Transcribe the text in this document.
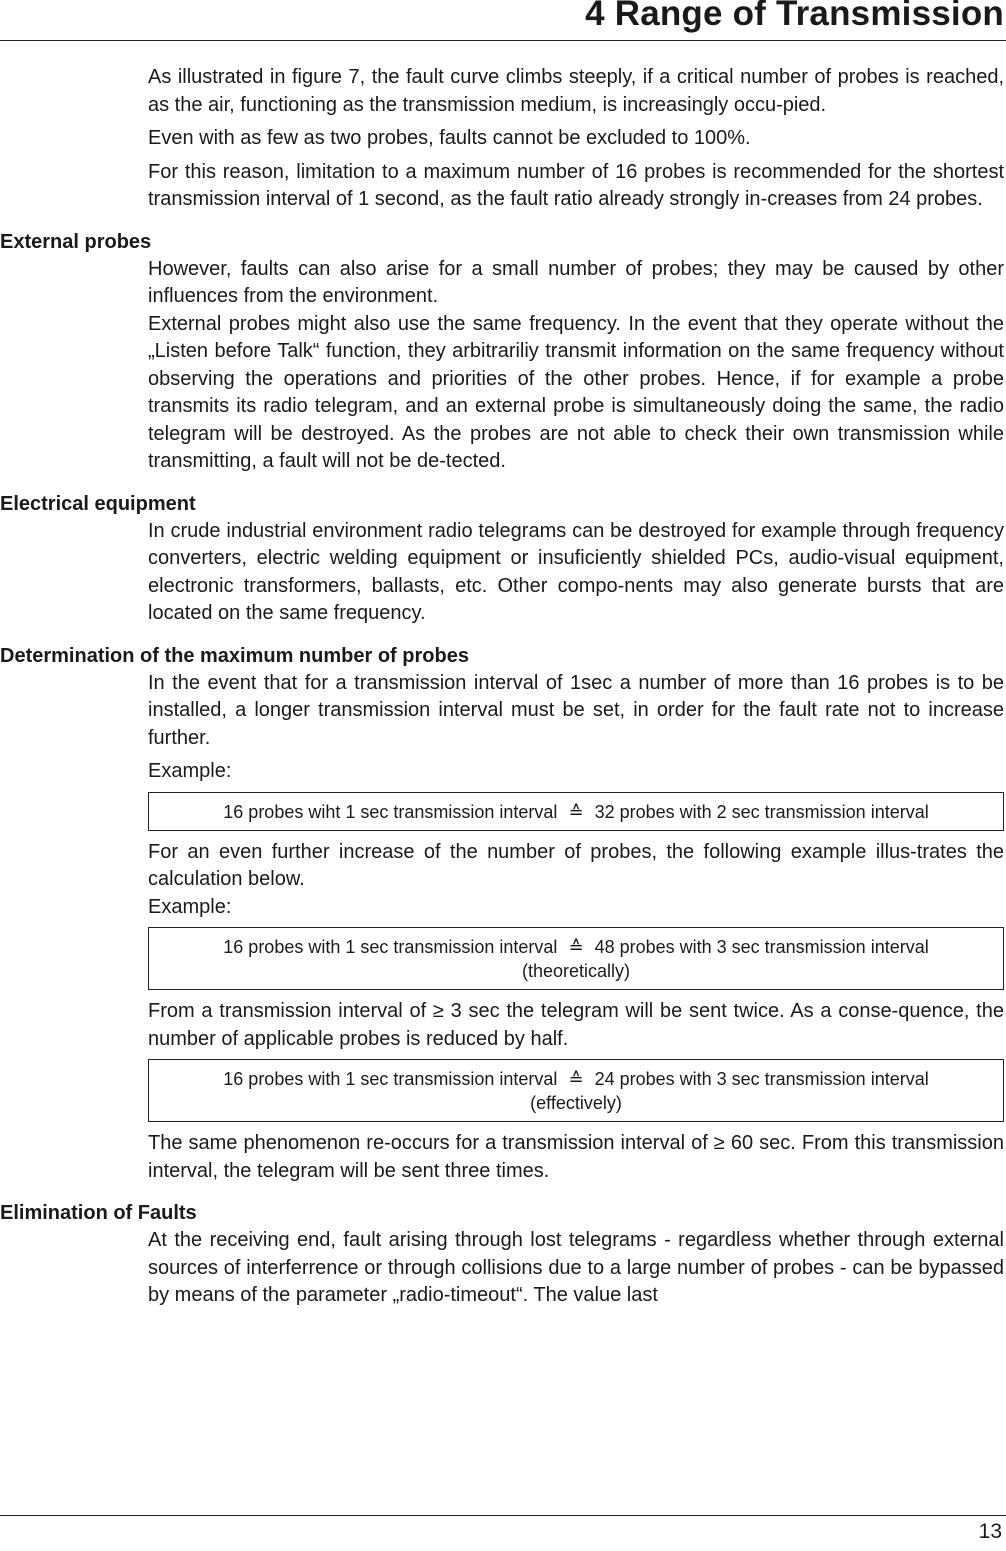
4 Range of Transmission

As illustrated in figure 7, the fault curve climbs steeply, if a critical number of probes is reached, as the air, functioning as the transmission medium, is increasingly occu-pied.

Even with as few as two probes, faults cannot be excluded to 100%.

For this reason, limitation to a maximum number of 16 probes is recommended for the shortest transmission interval of 1 second, as the fault ratio already strongly in-creases from 24 probes.

External probes

However, faults can also arise for a small number of probes; they may be caused by other influences from the environment.

External probes might also use the same frequency. In the event that they operate without the „Listen before Talk“ function, they arbitrariliy transmit information on the same frequency without observing the operations and priorities of the other probes. Hence, if for example a probe transmits its radio telegram, and an external probe is simultaneously doing the same, the radio telegram will be destroyed. As the probes are not able to check their own transmission while transmitting, a fault will not be de-tected.

Electrical equipment

In crude industrial environment radio telegrams can be destroyed for example through frequency converters, electric welding equipment or insuficiently shielded PCs, audio-visual equipment, electronic transformers, ballasts, etc. Other compo-nents may also generate bursts that are located on the same frequency.

Determination of the maximum number of probes

In the event that for a transmission interval of 1sec a number of more than 16 probes is to be installed, a longer transmission interval must be set, in order for the fault rate not to increase further.

Example:

16 probes wiht 1 sec transmission interval ≙ 32 probes with 2 sec transmission interval

For an even further increase of the number of probes, the following example illus-trates the calculation below.

Example:

16 probes with 1 sec transmission interval ≙ 48 probes with 3 sec transmission interval
(theoretically)

From a transmission interval of ≥ 3 sec the telegram will be sent twice. As a conse-quence, the number of applicable probes is reduced by half.

16 probes with 1 sec transmission interval ≙ 24 probes with 3 sec transmission interval
(effectively)

The same phenomenon re-occurs for a transmission interval of ≥ 60 sec. From this transmission interval, the telegram will be sent three times.

Elimination of Faults

At the receiving end, fault arising through lost telegrams - regardless whether through external sources of interferrence or through collisions due to a large number of probes - can be bypassed by means of the parameter „radio-timeout“. The value last

13
